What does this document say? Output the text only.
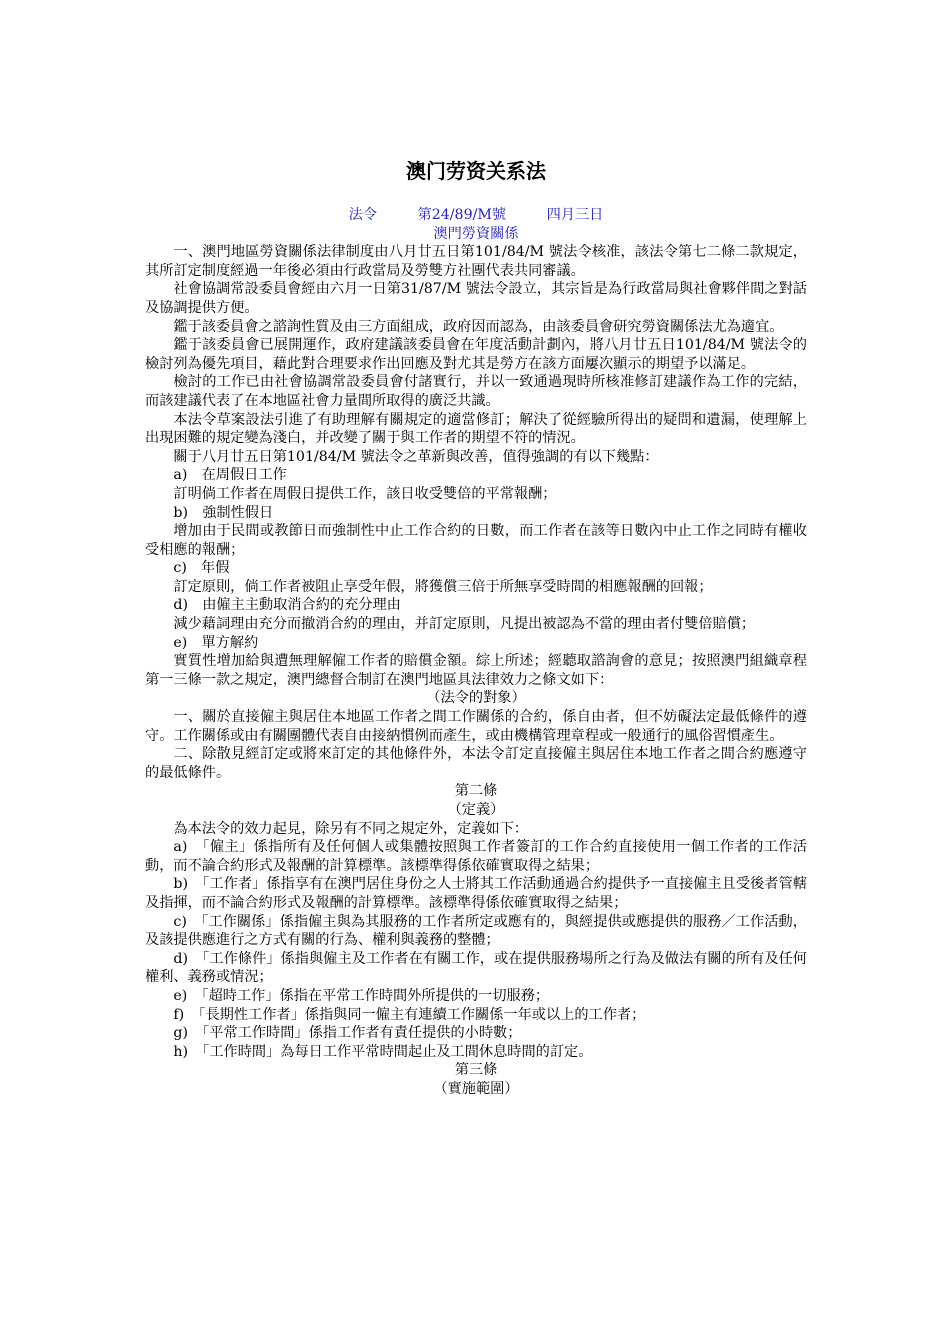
澳门劳资关系法
法令	第24/89/M號	四月三日
澳門勞資關係

一、澳門地區勞資關係法律制度由八月廿五日第101/84/M 號法令核准，該法令第七二條二款規定，其所訂定制度經過一年後必須由行政當局及勞雙方社團代表共同審議。

社會協調常設委員會經由六月一日第31/87/M 號法令設立，其宗旨是為行政當局與社會夥伴間之對話及協調提供方便。

鑑于該委員會之諮詢性質及由三方面組成，政府因而認為，由該委員會研究勞資關係法尤為適宜。

鑑于該委員會已展開運作，政府建議該委員會在年度活動計劃內，將八月廿五日101/84/M 號法令的檢討列為優先項目，藉此對合理要求作出回應及對尤其是勞方在該方面屢次顯示的期望予以滿足。

檢討的工作已由社會協調常設委員會付諸實行，并以一致通過現時所核准修訂建議作為工作的完結，而該建議代表了在本地區社會力量間所取得的廣泛共識。

本法令草案設法引進了有助理解有關規定的適當修訂；解決了從經驗所得出的疑問和遺漏，使理解上出現困難的規定變為淺白，并改變了關于與工作者的期望不符的情況。

關于八月廿五日第101/84/M 號法令之革新與改善，值得強調的有以下幾點：

a)　在周假日工作

訂明倘工作者在周假日提供工作，該日收受雙倍的平常報酬；

b)　強制性假日

增加由于民間或教節日而強制性中止工作合約的日數，而工作者在該等日數內中止工作之同時有權收受相應的報酬；

c)　年假

訂定原則，倘工作者被阻止享受年假，將獲償三倍于所無享受時間的相應報酬的回報；

d)　由僱主主動取消合約的充分理由

減少藉詞理由充分而撤消合約的理由，并訂定原則，凡提出被認為不當的理由者付雙倍賠償；

e)　單方解約

實質性增加給與遭無理解僱工作者的賠償金額。綜上所述；經聽取諮詢會的意見；按照澳門組織章程第一三條一款之規定，澳門總督合制訂在澳門地區具法律效力之條文如下：

（法令的對象）

一、關於直接僱主與居住本地區工作者之間工作關係的合約，係自由者，但不妨礙法定最低條件的遵守。工作關係或由有關團體代表自由接納慣例而產生，或由機構管理章程或一般通行的風俗習慣產生。

二、除散見經訂定或將來訂定的其他條件外，本法令訂定直接僱主與居住本地工作者之間合約應遵守的最低條件。

第二條

（定義）

為本法令的效力起見，除另有不同之規定外，定義如下：

a)　「僱主」係指所有及任何個人或集體按照與工作者簽訂的工作合約直接使用一個工作者的工作活動，而不論合約形式及報酬的計算標準。該標準得係依確實取得之結果；

b)　「工作者」係指享有在澳門居住身份之人士將其工作活動通過合約提供予一直接僱主且受後者管轄及指揮，而不論合約形式及報酬的計算標準。該標準得係依確實取得之結果；

c)　「工作關係」係指僱主與為其服務的工作者所定或應有的，與經提供或應提供的服務／工作活動，及該提供應進行之方式有關的行為、權利與義務的整體；

d)　「工作條件」係指與僱主及工作者在有關工作，或在提供服務場所之行為及做法有關的所有及任何權利、義務或情況；

e)　「超時工作」係指在平常工作時間外所提供的一切服務；

f)　「長期性工作者」係指與同一僱主有連續工作關係一年或以上的工作者；

g)　「平常工作時間」係指工作者有責任提供的小時數；

h)　「工作時間」為每日工作平常時間起止及工間休息時間的訂定。

第三條

（實施範圍）
